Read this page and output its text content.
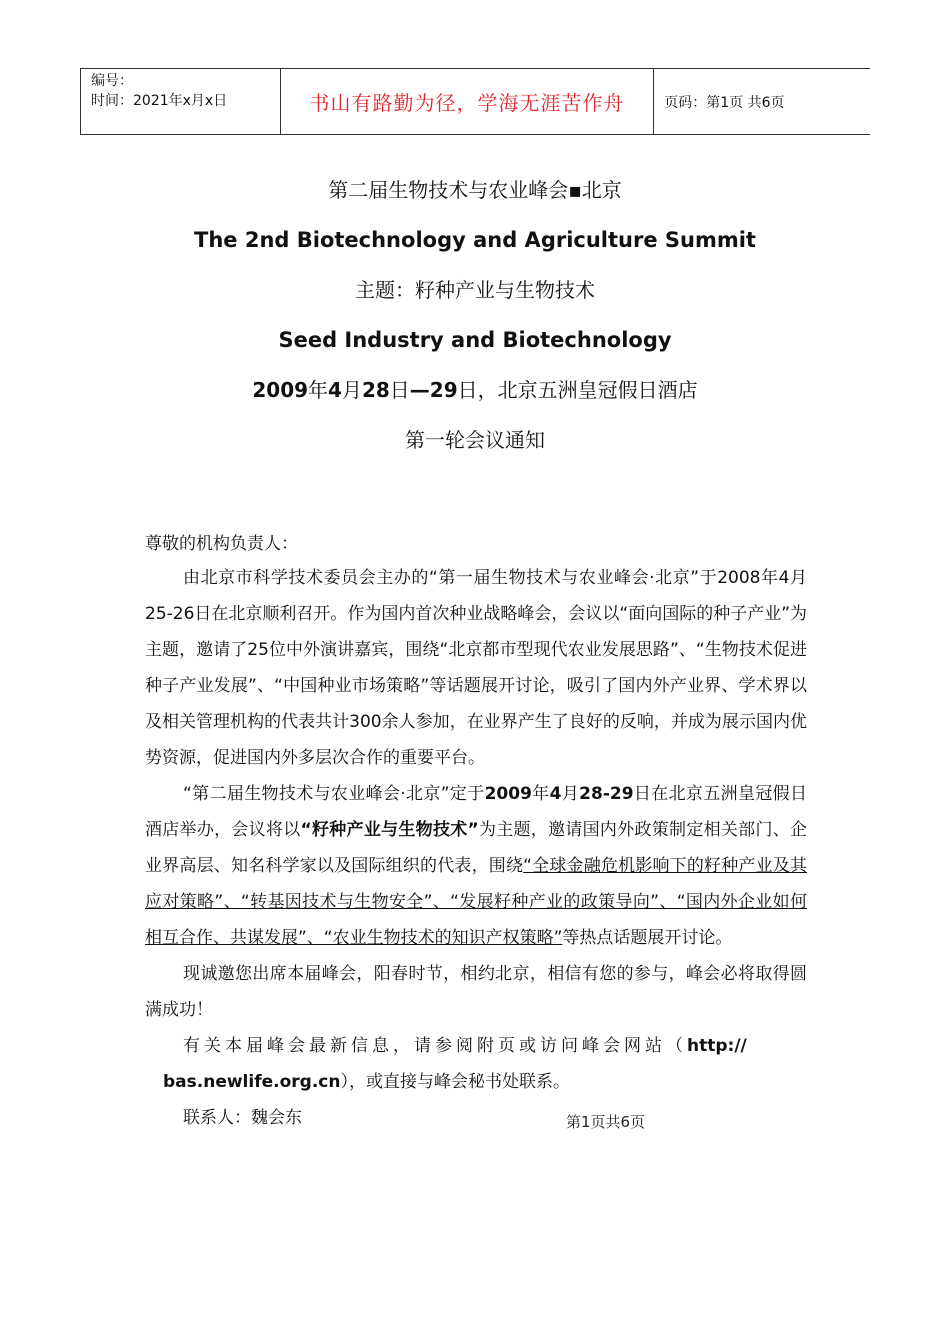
编号：
时间：2021年x月x日	书山有路勤为径，学海无涯苦作舟	页码：第1页 共6页
第二届生物技术与农业峰会▪北京
The 2nd Biotechnology and Agriculture Summit
主题：籽种产业与生物技术
Seed Industry and Biotechnology
2009年4月28日—29日，北京五洲皇冠假日酒店
第一轮会议通知
尊敬的机构负责人：
由北京市科学技术委员会主办的“第一届生物技术与农业峰会·北京”于2008年4月25-26日在北京顺利召开。作为国内首次种业战略峰会，会议以“面向国际的种子产业”为主题，邀请了25位中外演讲嘉宾，围绕“北京都市型现代农业发展思路”、“生物技术促进种子产业发展”、“中国种业市场策略”等话题展开讨论，吸引了国内外产业界、学术界以及相关管理机构的代表共计300余人参加，在业界产生了良好的反响，并成为展示国内优势资源，促进国内外多层次合作的重要平台。
“第二届生物技术与农业峰会·北京”定于2009年4月28-29日在北京五洲皇冠假日酒店举办，会议将以“籽种产业与生物技术”为主题，邀请国内外政策制定相关部门、企业界高层、知名科学家以及国际组织的代表，围绕“全球金融危机影响下的籽种产业及其应对策略”、“转基因技术与生物安全”、“发展籽种产业的政策导向”、“国内外企业如何相互合作、共谋发展”、“农业生物技术的知识产权策略”等热点话题展开讨论。
现诚邀您出席本届峰会，阳春时节，相约北京，相信有您的参与，峰会必将取得圆满成功！
有关本届峰会最新信息，请参阅附页或访问峰会网站（http://
bas.newlife.org.cn），或直接与峰会秘书处联系。
联系人：魏会东	第1页共6页
